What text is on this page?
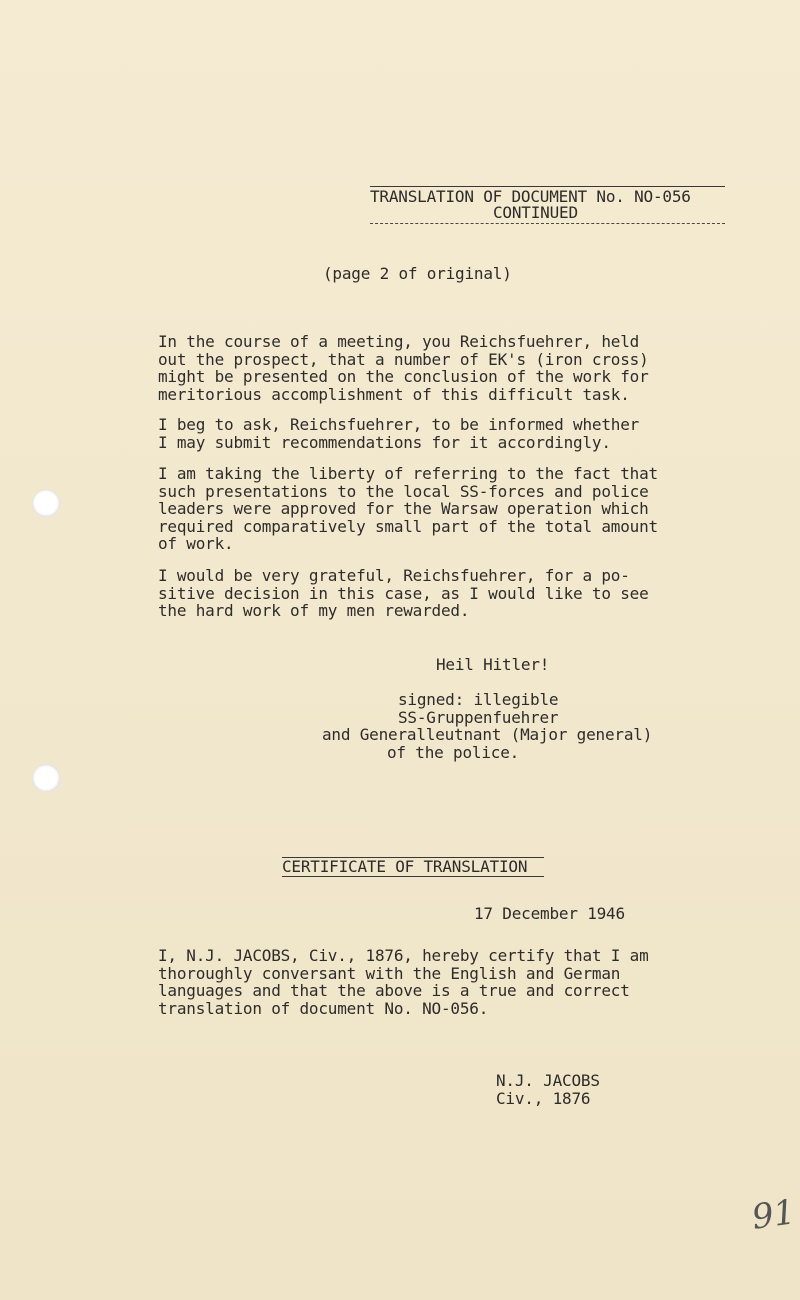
TRANSLATION OF DOCUMENT No. NO-056
CONTINUED
(page 2 of original)
In the course of a meeting, you Reichsfuehrer, held
out the prospect, that a number of EK's (iron cross)
might be presented on the conclusion of the work for
meritorious accomplishment of this difficult task.
I beg to ask, Reichsfuehrer, to be informed whether
I may submit recommendations for it accordingly.
I am taking the liberty of referring to the fact that
such presentations to the local SS-forces and police
leaders were approved for the Warsaw operation which
required comparatively small part of the total amount
of work.
I would be very grateful, Reichsfuehrer, for a po-
sitive decision in this case, as I would like to see
the hard work of my men rewarded.
Heil Hitler!
signed: illegible
SS-Gruppenfuehrer
and Generalleutnant (Major general)
of the police.
CERTIFICATE OF TRANSLATION
17 December 1946
I, N.J. JACOBS, Civ., 1876, hereby certify that I am
thoroughly conversant with the English and German
languages and that the above is a true and correct
translation of document No. NO-056.
N.J. JACOBS
Civ., 1876
91
